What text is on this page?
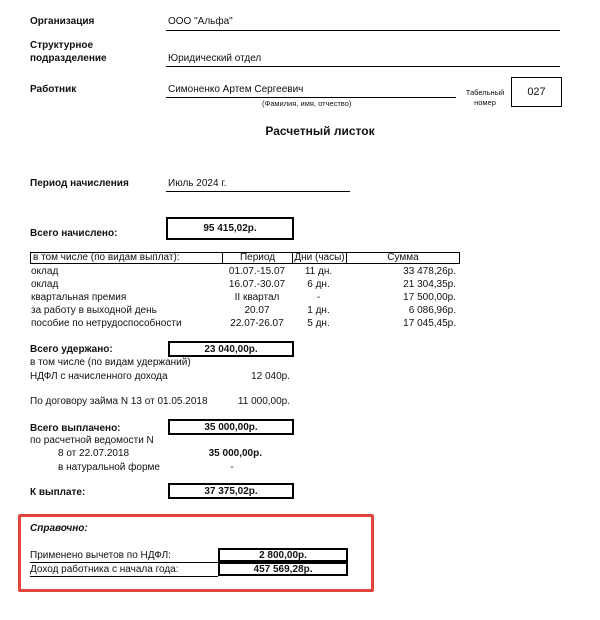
Организация	ООО "Альфа"
Структурное
подразделение	Юридический отдел
Работник	Симоненко Артем Сергеевич
(Фамилия, имя, отчество)
Табельный
номер
027
Расчетный листок
Период начисления	Июль 2024 г.
Всего начислено:	95 415,02р.
в том числе (по видам выплат):	Период	Дни (часы)	Сумма
оклад	01.07.-15.07	11 дн.	33 478,26р.
оклад	16.07.-30.07	6 дн.	21 304,35р.
квартальная премия	II квартал	-	17 500,00р.
за работу в выходной день	20.07	1 дн.	6 086,96р.
пособие по нетрудоспособности	22.07-26.07	5 дн.	17 045,45р.
Всего удержано:	23 040,00р.
в том числе (по видам удержаний)
НДФЛ с начисленного дохода	12 040р.
По договору займа N 13 от 01.05.2018	11 000,00р.
Всего выплачено:	35 000,00р.
по расчетной ведомости N
8 от 22.07.2018	35 000,00р.
в натуральной форме	-
К выплате:	37 375,02р.
Справочно:
Применено вычетов по НДФЛ:	2 800,00р.
Доход работника с начала года:	457 569,28р.
